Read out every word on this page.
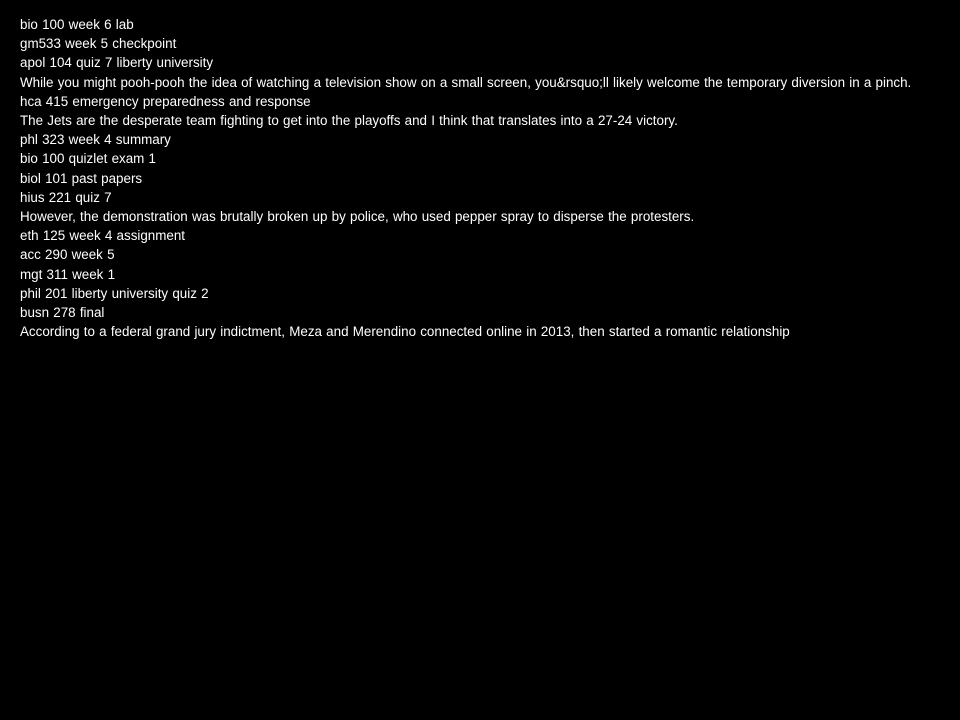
bio 100 week 6 lab
gm533 week 5 checkpoint
apol 104 quiz 7 liberty university
While you might pooh-pooh the idea of watching a television show on a small screen, you&rsquo;ll likely welcome the temporary diversion in a pinch.
hca 415 emergency preparedness and response
The Jets are the desperate team fighting to get into the playoffs and I think that translates into a 27-24 victory.
phl 323 week 4 summary
bio 100 quizlet exam 1
biol 101 past papers
hius 221 quiz 7
However, the demonstration was brutally broken up by police, who used pepper spray to disperse the protesters.
eth 125 week 4 assignment
acc 290 week 5
mgt 311 week 1
phil 201 liberty university quiz 2
busn 278 final
According to a federal grand jury indictment, Meza and Merendino connected online in 2013, then started a romantic relationship
